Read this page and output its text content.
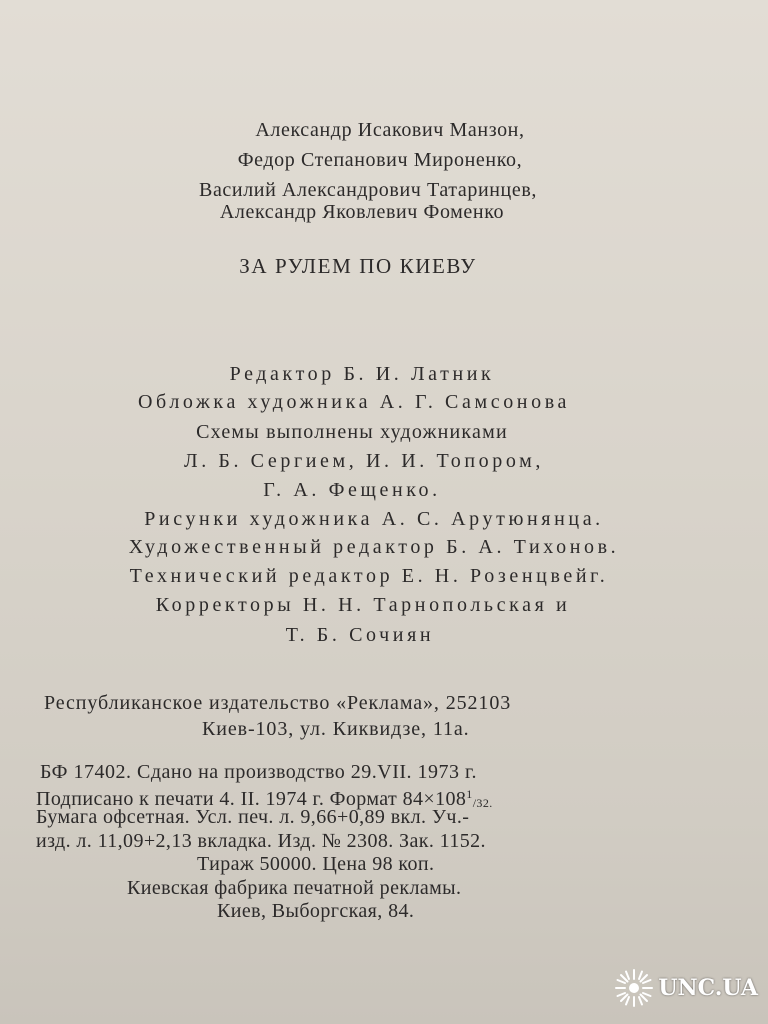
Александр Исакович Манзон,
Федор Степанович Мироненко,
Василий Александрович Татаринцев,
Александр Яковлевич Фоменко
ЗА РУЛЕМ ПО КИЕВУ
Редактор Б. И. Латник
Обложка художника А. Г. Самсонова
Схемы выполнены художниками
Л. Б. Сергием, И. И. Топором,
Г. А. Фещенко.
Рисунки художника А. С. Арутюнянца.
Художественный редактор Б. А. Тихонов.
Технический редактор Е. Н. Розенцвейг.
Корректоры Н. Н. Тарнопольская и
Т. Б. Сочиян
Республиканское издательство «Реклама», 252103
Киев-103, ул. Киквидзе, 11а.
БФ 17402. Сдано на производство 29.VII. 1973 г.
Подписано к печати 4. II. 1974 г. Формат $84\times 108^1/32$.
Бумага офсетная. Усл. печ. л. 9,66+0,89 вкл. Уч.-
изд. л. 11,09+2,13 вкладка. Изд. № 2308. Зак. 1152.
Тираж 50000. Цена 98 коп.
Киевская фабрика печатной рекламы.
Киев, Выборгская, 84.
UNC.UA
